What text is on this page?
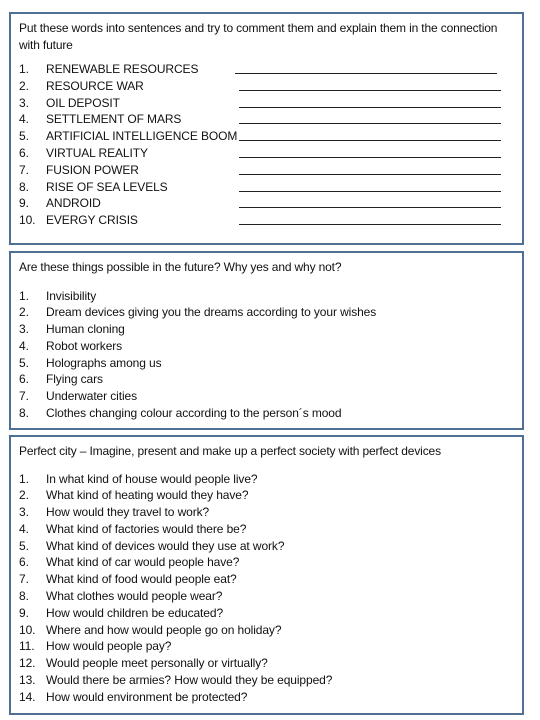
Put these words into sentences and try to comment them and explain them in the connection with future

1. RENEWABLE RESOURCES
2. RESOURCE WAR
3. OIL DEPOSIT
4. SETTLEMENT OF MARS
5. ARTIFICIAL INTELLIGENCE BOOM
6. VIRTUAL REALITY
7. FUSION POWER
8. RISE OF SEA LEVELS
9. ANDROID
10. EVERGY CRISIS

Are these things possible in the future? Why yes and why not?

1. Invisibility
2. Dream devices giving you the dreams according to your wishes
3. Human cloning
4. Robot workers
5. Holographs among us
6. Flying cars
7. Underwater cities
8. Clothes changing colour according to the person´s mood

Perfect city – Imagine, present and make up a perfect society with perfect devices

1. In what kind of house would people live?
2. What kind of heating would they have?
3. How would they travel to work?
4. What kind of factories would there be?
5. What kind of devices would they use at work?
6. What kind of car would people have?
7. What kind of food would people eat?
8. What clothes would people wear?
9. How would children be educated?
10. Where and how would people go on holiday?
11. How would people pay?
12. Would people meet personally or virtually?
13. Would there be armies? How would they be equipped?
14. How would environment be protected?
